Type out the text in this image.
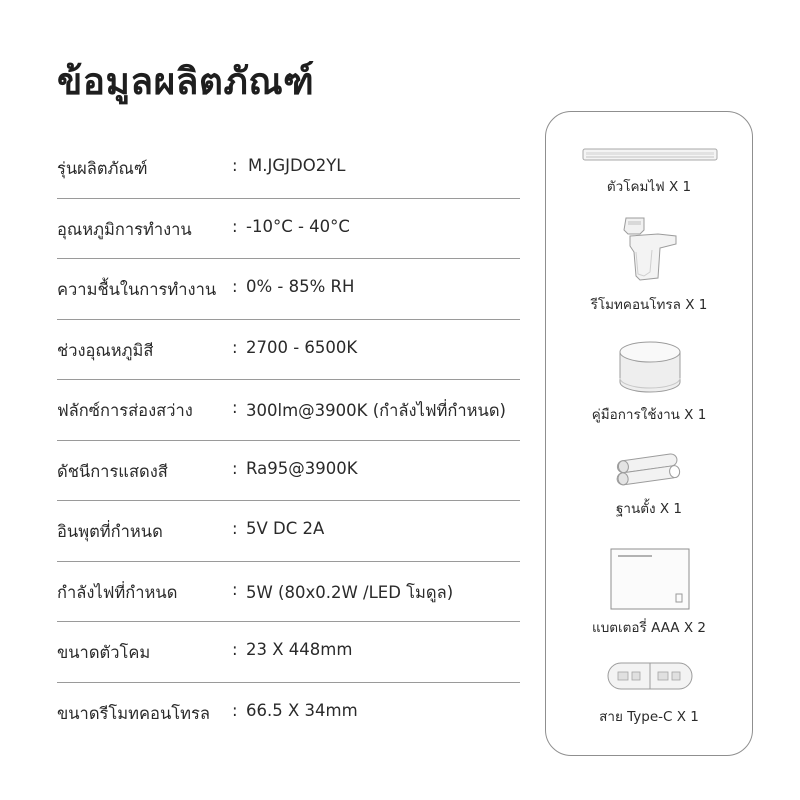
ข้อมูลผลิตภัณฑ์
รุ่นผลิตภัณฑ์	: M.JGJDO2YL
อุณหภูมิการทำงาน : -10°C - 40°C
ความชื้นในการทำงาน : 0% - 85% RH
ช่วงอุณหภูมิสี	: 2700 - 6500K
ฟลักซ์การส่องสว่าง : 300lm@3900K (กำลังไฟที่กำหนด)
ดัชนีการแสดงสี	: Ra95@3900K
อินพุตที่กำหนด	: 5V DC 2A
กำลังไฟที่กำหนด	: 5W (80x0.2W /LED โมดูล)
ขนาดตัวโคม	: 23 X 448mm
ขนาดรีโมทคอนโทรล : 66.5 X 34mm
ตัวโคมไฟ X 1
รีโมทคอนโทรล X 1
คู่มือการใช้งาน X 1
ฐานตั้ง X 1
แบตเตอรี่ AAA X 2
สาย Type-C X 1
